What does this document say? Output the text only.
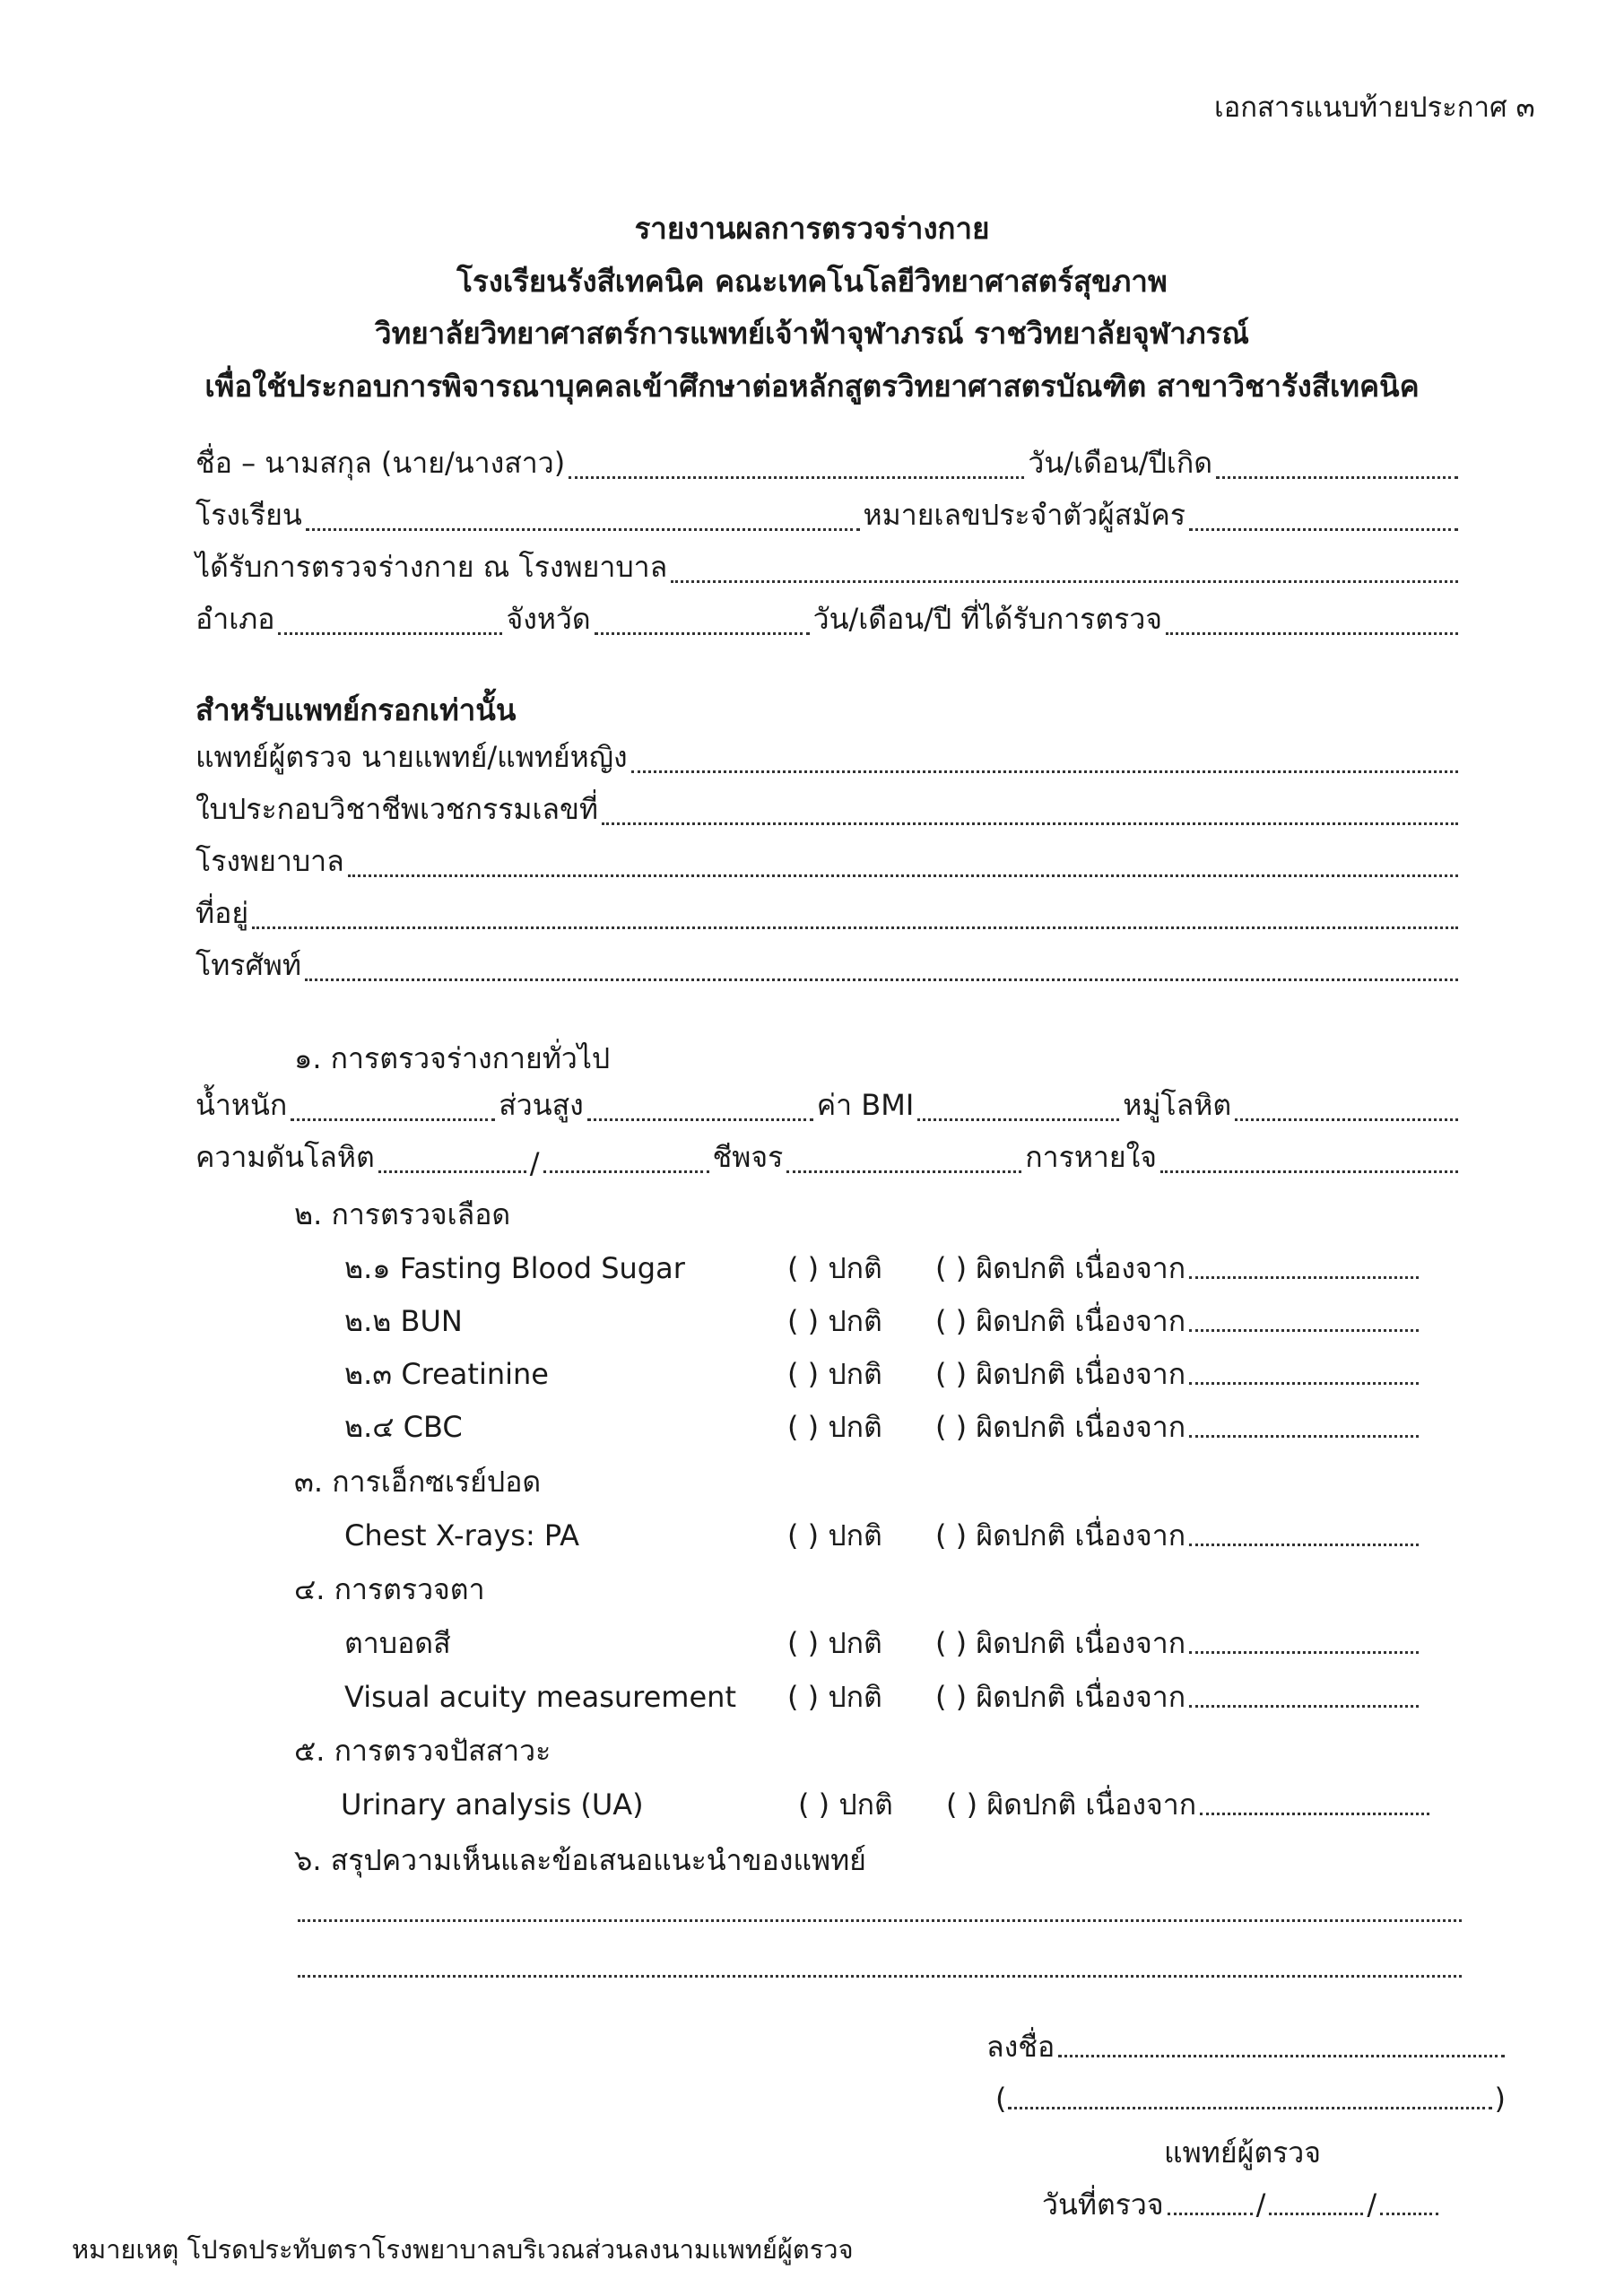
เอกสารแนบท้ายประกาศ ๓
รายงานผลการตรวจร่างกาย
โรงเรียนรังสีเทคนิค คณะเทคโนโลยีวิทยาศาสตร์สุขภาพ
วิทยาลัยวิทยาศาสตร์การแพทย์เจ้าฟ้าจุฬาภรณ์ ราชวิทยาลัยจุฬาภรณ์
เพื่อใช้ประกอบการพิจารณาบุคคลเข้าศึกษาต่อหลักสูตรวิทยาศาสตรบัณฑิต สาขาวิชารังสีเทคนิค
ชื่อ – นามสกุล (นาย/นางสาว)	วัน/เดือน/ปีเกิด
โรงเรียน	หมายเลขประจำตัวผู้สมัคร
ได้รับการตรวจร่างกาย ณ โรงพยาบาล
อำเภอ	จังหวัด	วัน/เดือน/ปี ที่ได้รับการตรวจ
สำหรับแพทย์กรอกเท่านั้น
แพทย์ผู้ตรวจ นายแพทย์/แพทย์หญิง
ใบประกอบวิชาชีพเวชกรรมเลขที่
โรงพยาบาล
ที่อยู่
โทรศัพท์
๑. การตรวจร่างกายทั่วไป
น้ำหนัก	ส่วนสูง	ค่า BMI	หมู่โลหิต
ความดันโลหิต	/	ชีพจร	การหายใจ
๒. การตรวจเลือด
๒.๑ Fasting Blood Sugar	( ) ปกติ	( ) ผิดปกติ เนื่องจาก
๒.๒ BUN	( ) ปกติ	( ) ผิดปกติ เนื่องจาก
๒.๓ Creatinine	( ) ปกติ	( ) ผิดปกติ เนื่องจาก
๒.๔ CBC	( ) ปกติ	( ) ผิดปกติ เนื่องจาก
๓. การเอ็กซเรย์ปอด
Chest X-rays: PA	( ) ปกติ	( ) ผิดปกติ เนื่องจาก
๔. การตรวจตา
ตาบอดสี	( ) ปกติ	( ) ผิดปกติ เนื่องจาก
Visual acuity measurement ( ) ปกติ	( ) ผิดปกติ เนื่องจาก
๕. การตรวจปัสสาวะ
Urinary analysis (UA)	( ) ปกติ	( ) ผิดปกติ เนื่องจาก
๖. สรุปความเห็นและข้อเสนอแนะนำของแพทย์
ลงชื่อ
(	)
แพทย์ผู้ตรวจ
วันที่ตรวจ	/	/
หมายเหตุ โปรดประทับตราโรงพยาบาลบริเวณส่วนลงนามแพทย์ผู้ตรวจ
